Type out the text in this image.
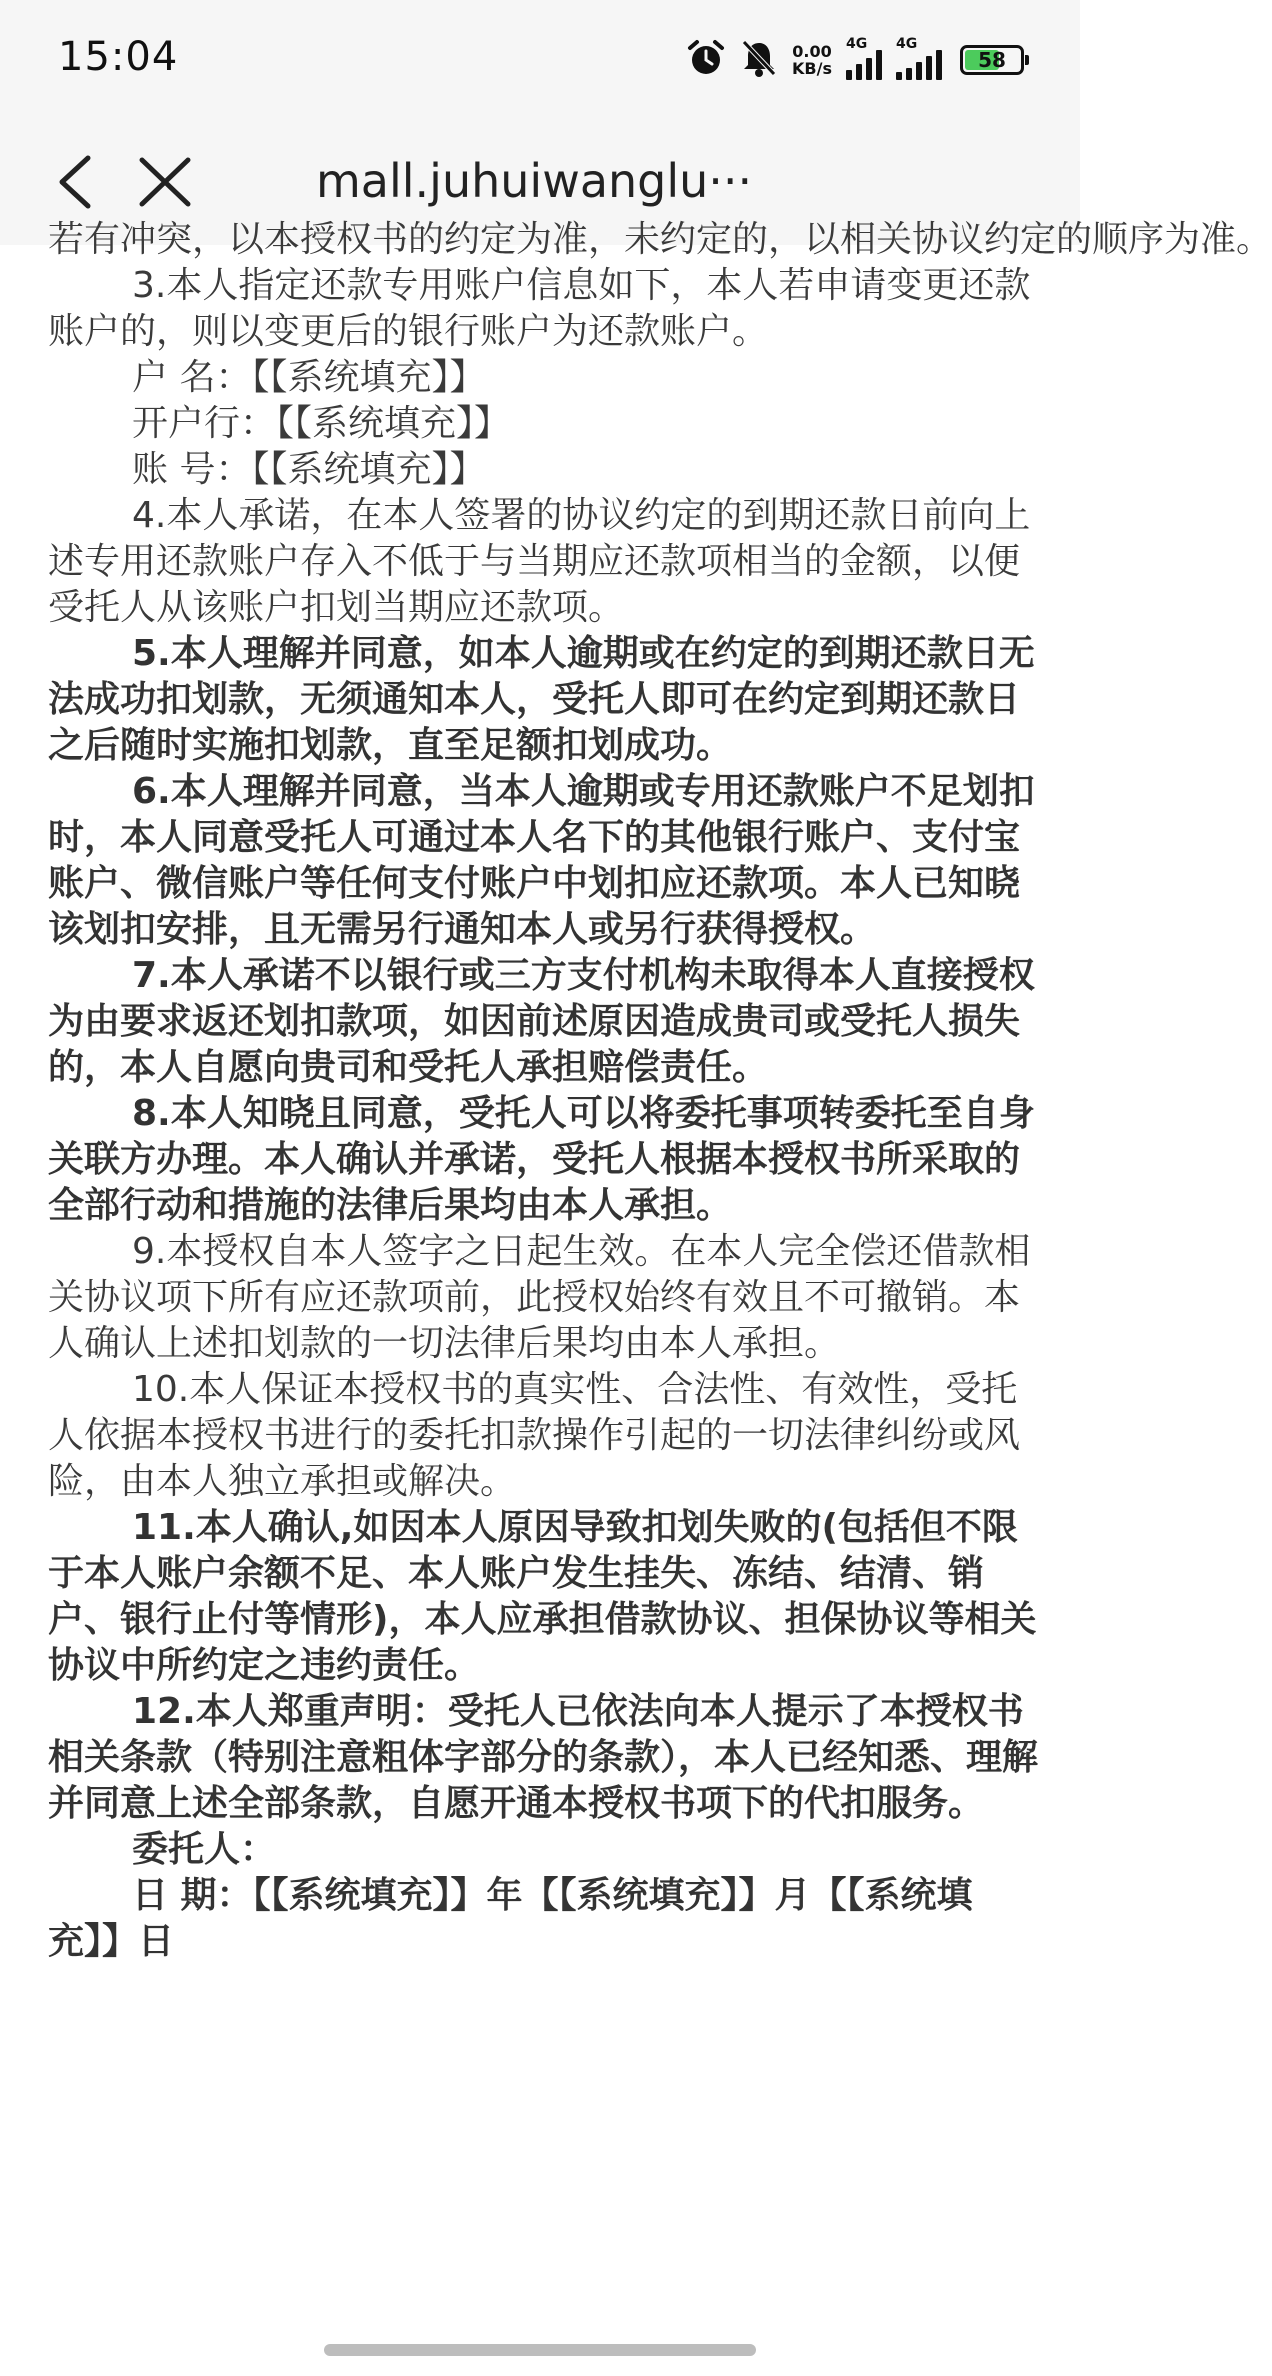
15:04	0.00
KB/s
4G 4G
58
mall.juhuiwanglu···

若有冲突，以本授权书的约定为准，未约定的，以相关协议约定的顺序为准。

3.本人指定还款专用账户信息如下，本人若申请变更还款账户的，则以变更后的银行账户为还款账户。

户 名：【【系统填充】】

开户行：【【系统填充】】

账 号：【【系统填充】】

4.本人承诺，在本人签署的协议约定的到期还款日前向上述专用还款账户存入不低于与当期应还款项相当的金额，以便受托人从该账户扣划当期应还款项。

5.本人理解并同意，如本人逾期或在约定的到期还款日无法成功扣划款，无须通知本人，受托人即可在约定到期还款日之后随时实施扣划款，直至足额扣划成功。

6.本人理解并同意，当本人逾期或专用还款账户不足划扣时，本人同意受托人可通过本人名下的其他银行账户、支付宝账户、微信账户等任何支付账户中划扣应还款项。本人已知晓该划扣安排，且无需另行通知本人或另行获得授权。

7.本人承诺不以银行或三方支付机构未取得本人直接授权为由要求返还划扣款项，如因前述原因造成贵司或受托人损失的，本人自愿向贵司和受托人承担赔偿责任。

8.本人知晓且同意，受托人可以将委托事项转委托至自身关联方办理。本人确认并承诺，受托人根据本授权书所采取的全部行动和措施的法律后果均由本人承担。

9.本授权自本人签字之日起生效。在本人完全偿还借款相关协议项下所有应还款项前，此授权始终有效且不可撤销。本人确认上述扣划款的一切法律后果均由本人承担。

10.本人保证本授权书的真实性、合法性、有效性，受托人依据本授权书进行的委托扣款操作引起的一切法律纠纷或风险，由本人独立承担或解决。

11.本人确认,如因本人原因导致扣划失败的(包括但不限于本人账户余额不足、本人账户发生挂失、冻结、结清、销户、银行止付等情形)，本人应承担借款协议、担保协议等相关协议中所约定之违约责任。

12.本人郑重声明：受托人已依法向本人提示了本授权书相关条款（特别注意粗体字部分的条款），本人已经知悉、理解并同意上述全部条款，自愿开通本授权书项下的代扣服务。

委托人：

日 期：【【系统填充】】年【【系统填充】】月【【系统填充】】日
